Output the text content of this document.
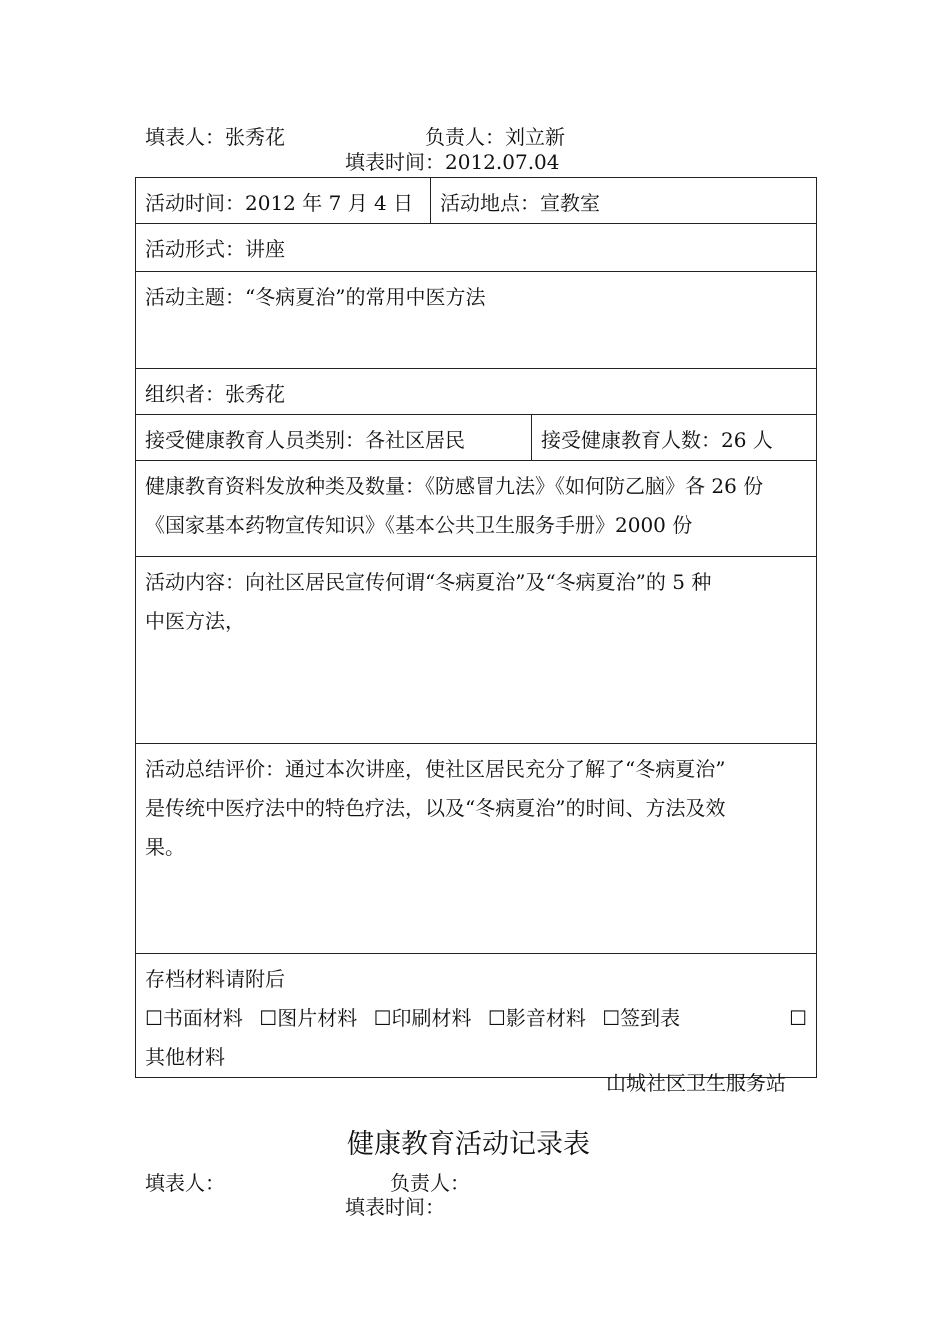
填表人：张秀花	负责人：刘立新
填表时间：2012.07.04
活动时间：2012 年 7 月 4 日	活动地点：宣教室	
活动形式：讲座		
活动主题：“冬病夏治”的常用中医方法		
组织者：张秀花		
接受健康教育人员类别：各社区居民		接受健康教育人数：26 人

健康教育资料发放种类及数量：《防感冒九法》《如何防乙脑》各 26 份
《国家基本药物宣传知识》《基本公共卫生服务手册》2000 份		

活动内容：向社区居民宣传何谓“冬病夏治”及“冬病夏治”的 5 种
中医方法，		

活动总结评价：通过本次讲座，使社区居民充分了解了“冬病夏治”
是传统中医疗法中的特色疗法，以及“冬病夏治”的时间、方法及效
果。		

存档材料请附后
☐书面材料 ☐图片材料 ☐印刷材料 ☐影音材料 ☐签到表 ☐
其他材料		
山城社区卫生服务站
健康教育活动记录表
填表人：	负责人：
填表时间：
